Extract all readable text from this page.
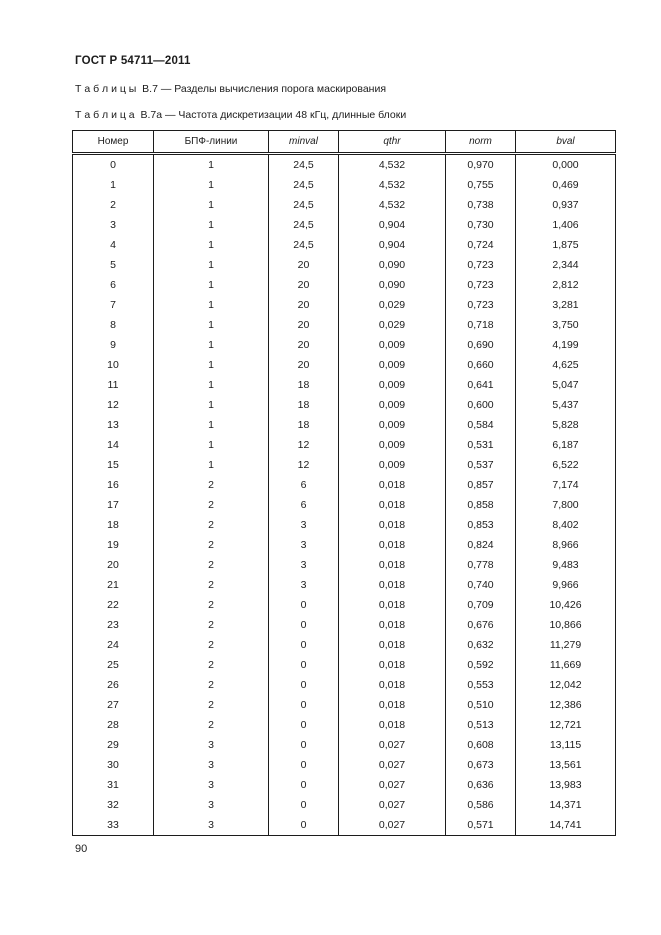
ГОСТ Р 54711—2011
Т а б л и ц ы  В.7 — Разделы вычисления порога маскирования
Т а б л и ц а  В.7а — Частота дискретизации 48 кГц, длинные блоки
Номер	БПФ-линии	minval	qthr	norm	bval
0	1	24,5	4,532	0,970	0,000
1	1	24,5	4,532	0,755	0,469
2	1	24,5	4,532	0,738	0,937
3	1	24,5	0,904	0,730	1,406
4	1	24,5	0,904	0,724	1,875
5	1	20	0,090	0,723	2,344
6	1	20	0,090	0,723	2,812
7	1	20	0,029	0,723	3,281
8	1	20	0,029	0,718	3,750
9	1	20	0,009	0,690	4,199
10	1	20	0,009	0,660	4,625
11	1	18	0,009	0,641	5,047
12	1	18	0,009	0,600	5,437
13	1	18	0,009	0,584	5,828
14	1	12	0,009	0,531	6,187
15	1	12	0,009	0,537	6,522
16	2	6	0,018	0,857	7,174
17	2	6	0,018	0,858	7,800
18	2	3	0,018	0,853	8,402
19	2	3	0,018	0,824	8,966
20	2	3	0,018	0,778	9,483
21	2	3	0,018	0,740	9,966
22	2	0	0,018	0,709	10,426
23	2	0	0,018	0,676	10,866
24	2	0	0,018	0,632	11,279
25	2	0	0,018	0,592	11,669
26	2	0	0,018	0,553	12,042
27	2	0	0,018	0,510	12,386
28	2	0	0,018	0,513	12,721
29	3	0	0,027	0,608	13,115
30	3	0	0,027	0,673	13,561
31	3	0	0,027	0,636	13,983
32	3	0	0,027	0,586	14,371
33	3	0	0,027	0,571	14,741
90
